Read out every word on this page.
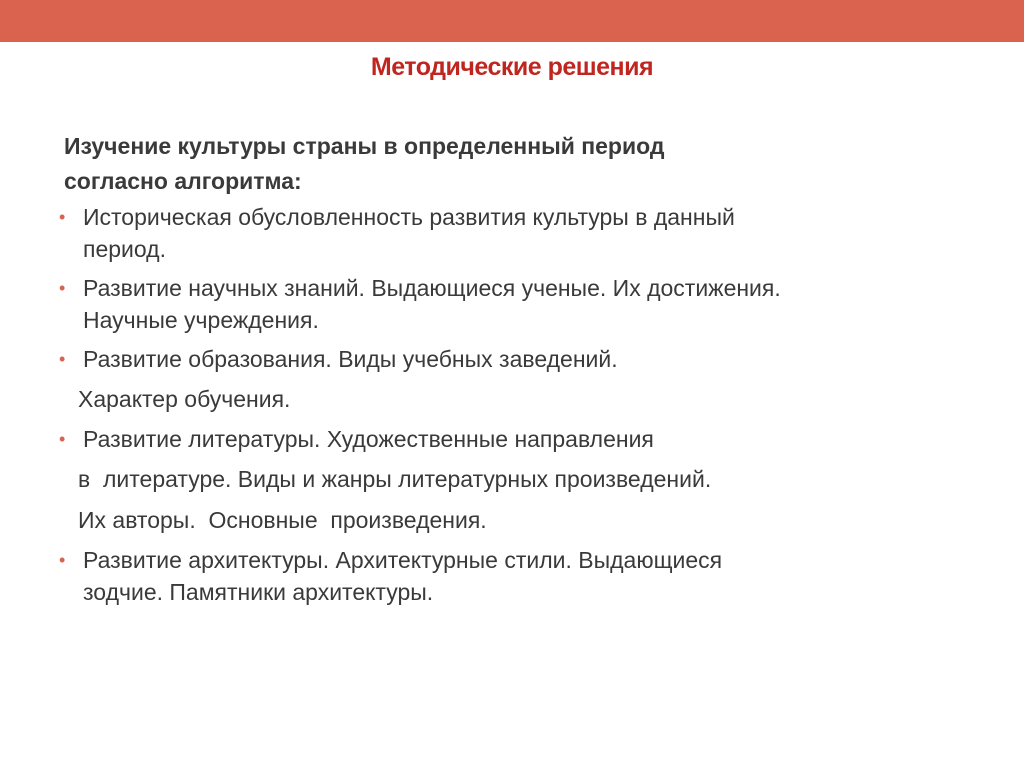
Методические решения
Изучение культуры страны в определенный период
согласно алгоритма:
• Историческая обусловленность развития культуры в данный
период.
• Развитие научных знаний. Выдающиеся ученые. Их достижения.
Научные учреждения.
• Развитие образования. Виды учебных заведений.
Характер обучения.
• Развитие литературы. Художественные направления
в  литературе. Виды и жанры литературных произведений.
Их авторы.  Основные  произведения.
• Развитие архитектуры. Архитектурные стили. Выдающиеся
зодчие. Памятники архитектуры.
